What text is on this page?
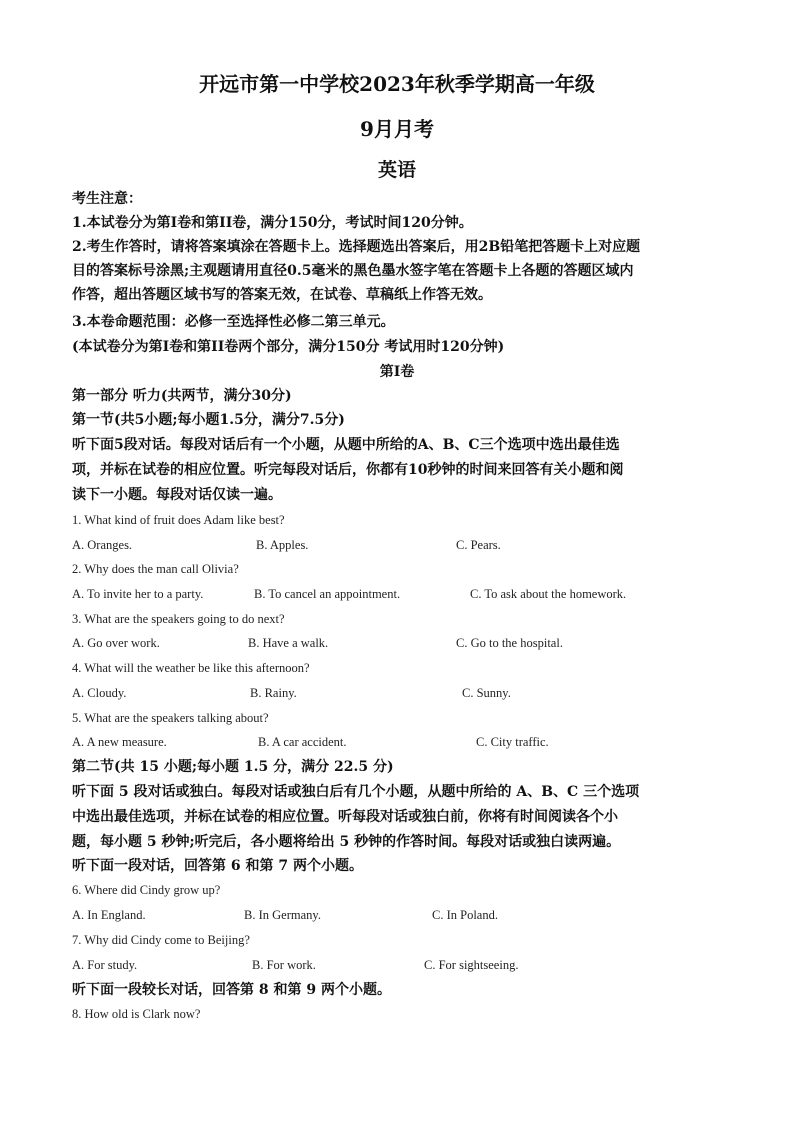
开远市第一中学校2023年秋季学期高一年级
9月月考
英语
考生注意：
1.本试卷分为第I卷和第II卷，满分150分，考试时间120分钟。
2.考生作答时，请将答案填涂在答题卡上。选择题选出答案后，用2B铅笔把答题卡上对应题
目的答案标号涂黑;主观题请用直径0.5毫米的黑色墨水签字笔在答题卡上各题的答题区域内
作答，超出答题区域书写的答案无效，在试卷、草稿纸上作答无效。
3.本卷命题范围：必修一至选择性必修二第三单元。
(本试卷分为第I卷和第II卷两个部分，满分150分 考试用时120分钟)
第I卷
第一部分 听力(共两节，满分30分)
第一节(共5小题;每小题1.5分，满分7.5分)
听下面5段对话。每段对话后有一个小题，从题中所给的A、B、C三个选项中选出最佳选
项，并标在试卷的相应位置。听完每段对话后，你都有10秒钟的时间来回答有关小题和阅
读下一小题。每段对话仅读一遍。
1. What kind of fruit does Adam like best?
A. Oranges.	B. Apples.	C. Pears.
2. Why does the man call Olivia?
A. To invite her to a party.	B. To cancel an appointment.	C. To ask about the homework.
3. What are the speakers going to do next?
A. Go over work.	B. Have a walk.	C. Go to the hospital.
4. What will the weather be like this afternoon?
A. Cloudy.	B. Rainy.	C. Sunny.
5. What are the speakers talking about?
A. A new measure.	B. A car accident.	C. City traffic.
第二节(共 15 小题;每小题 1.5 分，满分 22.5 分)
听下面 5 段对话或独白。每段对话或独白后有几个小题，从题中所给的 A、B、C 三个选项
中选出最佳选项，并标在试卷的相应位置。听每段对话或独白前，你将有时间阅读各个小
题，每小题 5 秒钟;听完后，各小题将给出 5 秒钟的作答时间。每段对话或独白读两遍。
听下面一段对话，回答第 6 和第 7 两个小题。
6. Where did Cindy grow up?
A. In England.	B. In Germany.	C. In Poland.
7. Why did Cindy come to Beijing?
A. For study.	B. For work.	C. For sightseeing.
听下面一段较长对话，回答第 8 和第 9 两个小题。
8. How old is Clark now?
